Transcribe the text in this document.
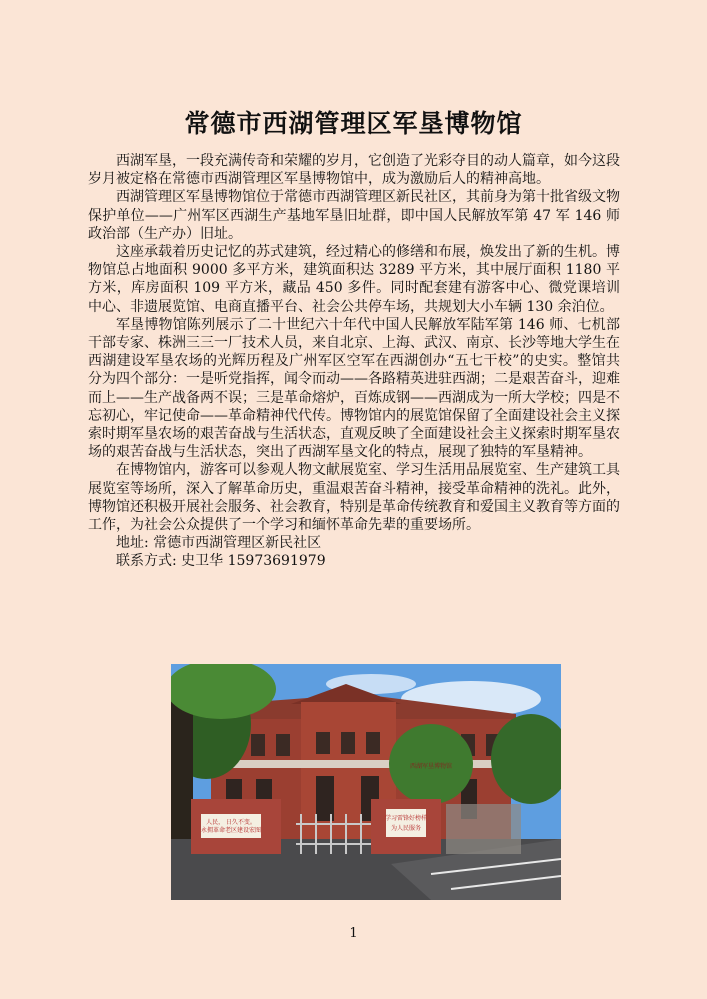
常德市西湖管理区军垦博物馆

西湖军垦，一段充满传奇和荣耀的岁月，它创造了光彩夺目的动人篇章，如今这段岁月被定格在常德市西湖管理区军垦博物馆中，成为激励后人的精神高地。

西湖管理区军垦博物馆位于常德市西湖管理区新民社区，其前身为第十批省级文物保护单位——广州军区西湖生产基地军垦旧址群，即中国人民解放军第 47 军 146 师政治部（生产办）旧址。

这座承载着历史记忆的苏式建筑，经过精心的修缮和布展，焕发出了新的生机。博物馆总占地面积 9000 多平方米，建筑面积达 3289 平方米，其中展厅面积 1180 平方米，库房面积 109 平方米，藏品 450 多件。同时配套建有游客中心、微党课培训中心、非遗展览馆、电商直播平台、社会公共停车场，共规划大小车辆 130 余泊位。

军垦博物馆陈列展示了二十世纪六十年代中国人民解放军陆军第 146 师、七机部干部专家、株洲三三一厂技术人员，来自北京、上海、武汉、南京、长沙等地大学生在西湖建设军垦农场的光辉历程及广州军区空军在西湖创办“五七干校”的史实。整馆共分为四个部分：一是听党指挥，闻令而动——各路精英进驻西湖；二是艰苦奋斗，迎难而上——生产战备两不误；三是革命熔炉，百炼成钢——西湖成为一所大学校；四是不忘初心，牢记使命——革命精神代代传。博物馆内的展览馆保留了全面建设社会主义探索时期军垦农场的艰苦奋战与生活状态，直观反映了全面建设社会主义探索时期军垦农场的艰苦奋战与生活状态，突出了西湖军垦文化的特点，展现了独特的军垦精神。

在博物馆内，游客可以参观人物文献展览室、学习生活用品展览室、生产建筑工具展览室等场所，深入了解革命历史，重温艰苦奋斗精神，接受革命精神的洗礼。此外，博物馆还积极开展社会服务、社会教育，特别是革命传统教育和爱国主义教育等方面的工作，为社会公众提供了一个学习和缅怀革命先辈的重要场所。

地址: 常德市西湖管理区新民社区

联系方式: 史卫华 15973691979

人民， 日久不变。
永拥革命老区建设宏图
学习雷锋好榜样
为人民服务
西湖军垦博物馆
1
